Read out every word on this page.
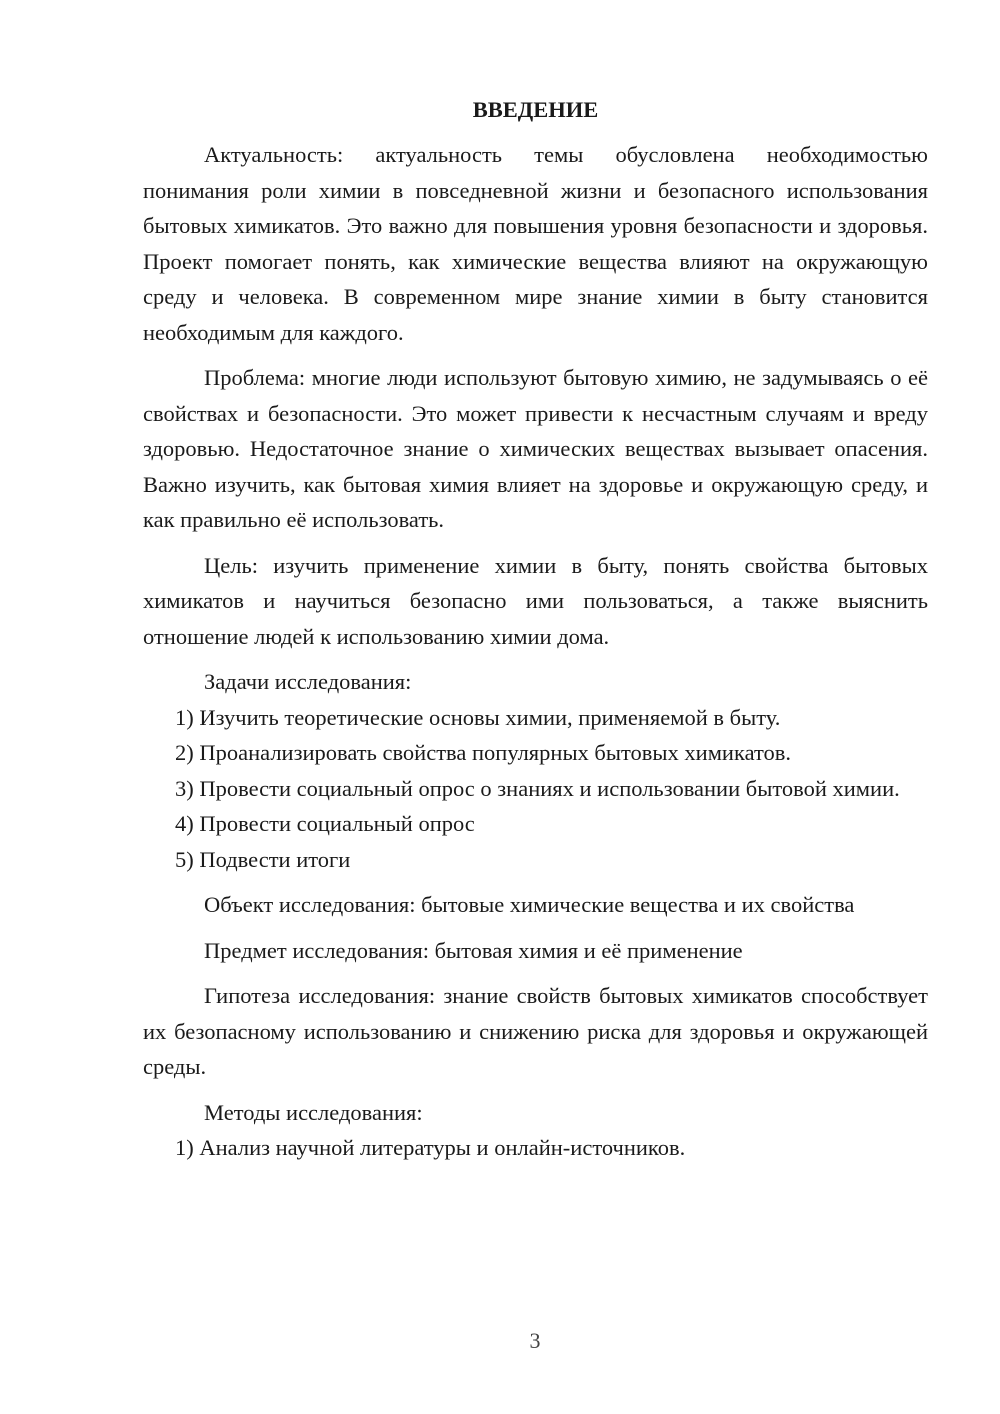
ВВЕДЕНИЕ

Актуальность: актуальность темы обусловлена необходимостью понимания роли химии в повседневной жизни и безопасного использования бытовых химикатов. Это важно для повышения уровня безопасности и здоровья. Проект помогает понять, как химические вещества влияют на окружающую среду и человека. В современном мире знание химии в быту становится необходимым для каждого.

Проблема: многие люди используют бытовую химию, не задумываясь о её свойствах и безопасности. Это может привести к несчастным случаям и вреду здоровью. Недостаточное знание о химических веществах вызывает опасения. Важно изучить, как бытовая химия влияет на здоровье и окружающую среду, и как правильно её использовать.

Цель: изучить применение химии в быту, понять свойства бытовых химикатов и научиться безопасно ими пользоваться, а также выяснить отношение людей к использованию химии дома.

Задачи исследования:

1) Изучить теоретические основы химии, применяемой в быту.

2) Проанализировать свойства популярных бытовых химикатов.

3) Провести социальный опрос о знаниях и использовании бытовой химии.

4) Провести социальный опрос

5) Подвести итоги

Объект исследования: бытовые химические вещества и их свойства

Предмет исследования: бытовая химия и её применение

Гипотеза исследования: знание свойств бытовых химикатов способствует их безопасному использованию и снижению риска для здоровья и окружающей среды.

Методы исследования:

1) Анализ научной литературы и онлайн-источников.

3
